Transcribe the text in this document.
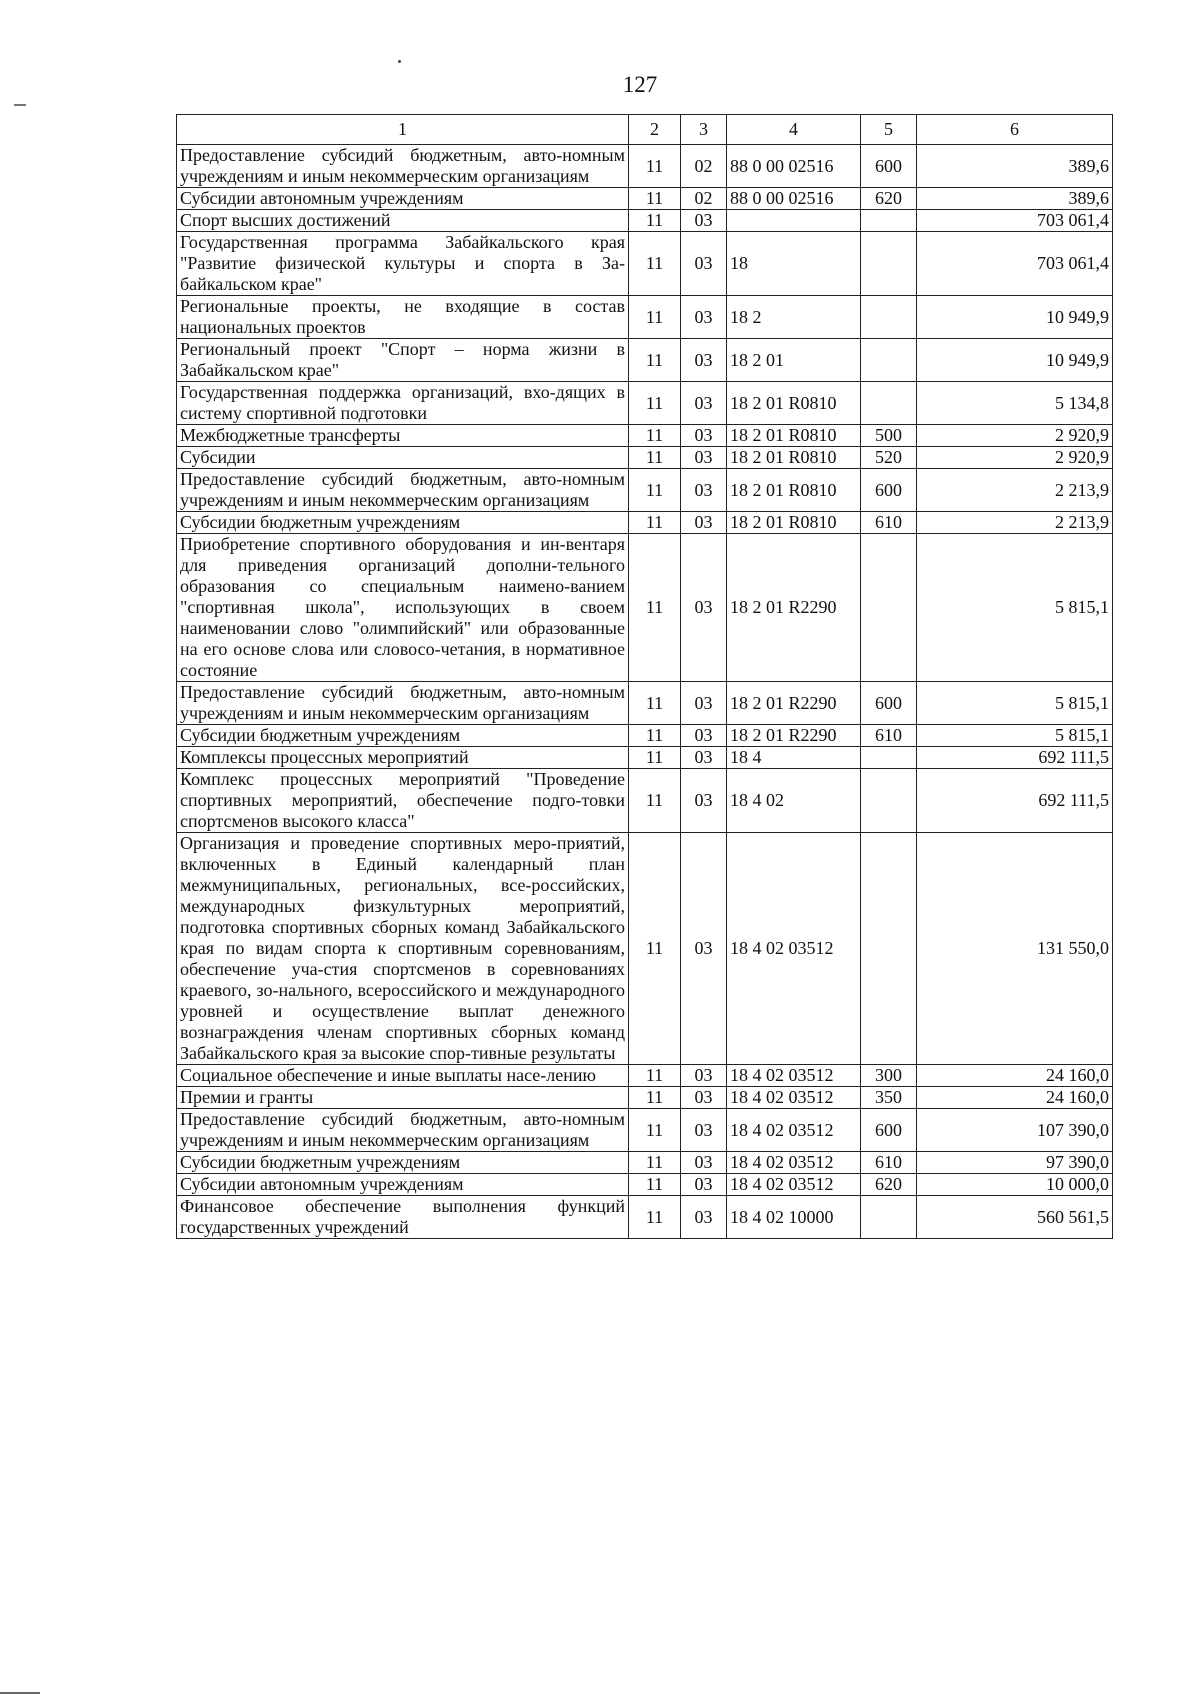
127
1	2	3	4	5	6
Предоставление субсидий бюджетным, авто-номным учреждениям и иным некоммерческим организациям	11	02	88 0 00 02516	600	389,6
Субсидии автономным учреждениям	11	02	88 0 00 02516	620	389,6
Спорт высших достижений	11	03			703 061,4
Государственная программа Забайкальского края "Развитие физической культуры и спорта в За-байкальском крае"	11	03	18		703 061,4
Региональные проекты, не входящие в состав национальных проектов	11	03	18 2		10 949,9
Региональный проект "Спорт – норма жизни в Забайкальском крае"	11	03	18 2 01		10 949,9
Государственная поддержка организаций, вхо-дящих в систему спортивной подготовки	11	03	18 2 01 R0810		5 134,8
Межбюджетные трансферты	11	03	18 2 01 R0810	500	2 920,9
Субсидии	11	03	18 2 01 R0810	520	2 920,9
Предоставление субсидий бюджетным, авто-номным учреждениям и иным некоммерческим организациям	11	03	18 2 01 R0810	600	2 213,9
Субсидии бюджетным учреждениям	11	03	18 2 01 R0810	610	2 213,9
Приобретение спортивного оборудования и ин-вентаря для приведения организаций дополни-тельного образования со специальным наимено-ванием "спортивная школа", использующих в своем наименовании слово "олимпийский" или образованные на его основе слова или словосо-четания, в нормативное состояние	11	03	18 2 01 R2290		5 815,1
Предоставление субсидий бюджетным, авто-номным учреждениям и иным некоммерческим организациям	11	03	18 2 01 R2290	600	5 815,1
Субсидии бюджетным учреждениям	11	03	18 2 01 R2290	610	5 815,1
Комплексы процессных мероприятий	11	03	18 4		692 111,5
Комплекс процессных мероприятий "Проведение спортивных мероприятий, обеспечение подго-товки спортсменов высокого класса"	11	03	18 4 02		692 111,5
Организация и проведение спортивных меро-приятий, включенных в Единый календарный план межмуниципальных, региональных, все-российских, международных физкультурных мероприятий, подготовка спортивных сборных команд Забайкальского края по видам спорта к спортивным соревнованиям, обеспечение уча-стия спортсменов в соревнованиях краевого, зо-нального, всероссийского и международного уровней и осуществление выплат денежного вознаграждения членам спортивных сборных команд Забайкальского края за высокие спор-тивные результаты	11	03	18 4 02 03512		131 550,0
Социальное обеспечение и иные выплаты насе-лению	11	03	18 4 02 03512	300	24 160,0
Премии и гранты	11	03	18 4 02 03512	350	24 160,0
Предоставление субсидий бюджетным, авто-номным учреждениям и иным некоммерческим организациям	11	03	18 4 02 03512	600	107 390,0
Субсидии бюджетным учреждениям	11	03	18 4 02 03512	610	97 390,0
Субсидии автономным учреждениям	11	03	18 4 02 03512	620	10 000,0
Финансовое обеспечение выполнения функций государственных учреждений	11	03	18 4 02 10000		560 561,5
